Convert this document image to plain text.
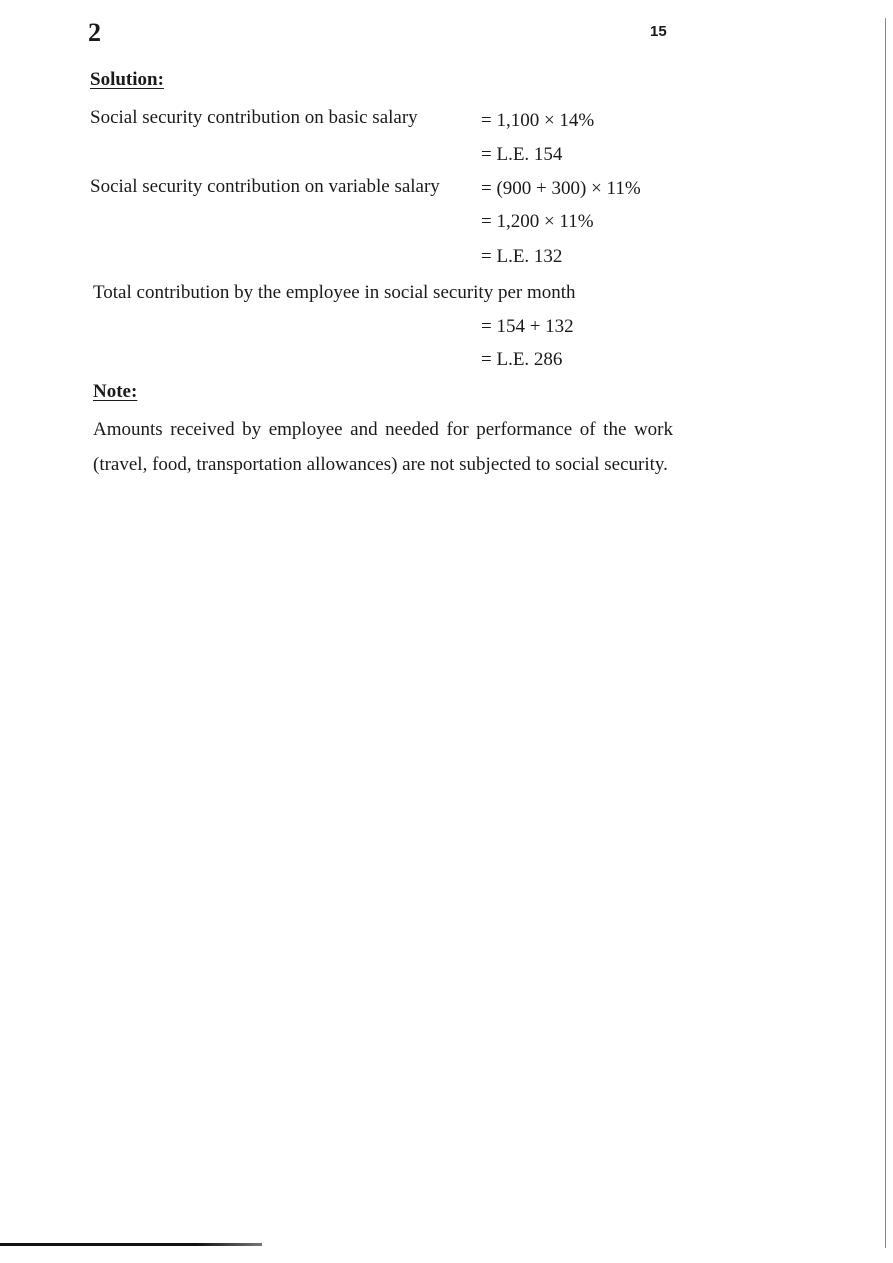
2	15
Solution:
Social security contribution on basic salary	= 1,100 × 14%
= L.E. 154
Social security contribution on variable salary = (900 + 300) × 11%
= 1,200 × 11%
= L.E. 132
Total contribution by the employee in social security per month
= 154 + 132
= L.E. 286
Note:
Amounts received by employee and needed for performance of the work (travel, food, transportation allowances) are not subjected to social security.
